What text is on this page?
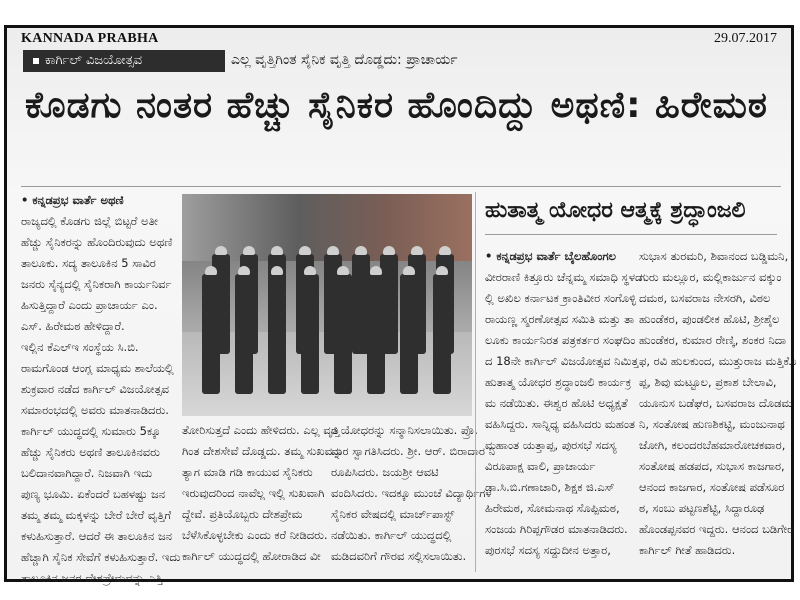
ಕಾರ್ಗಿಲ್ ವಿಜಯೋತ್ಸವ	ಎಲ್ಲ ವೃತ್ತಿಗಿಂತ ಸೈನಿಕ ವೃತ್ತಿ ದೊಡ್ಡದು: ಪ್ರಾಚಾರ್ಯ
ಕೊಡಗು ನಂತರ ಹೆಚ್ಚು ಸೈನಿಕರ ಹೊಂದಿದ್ದು ಅಥಣಿ: ಹಿರೇಮಠ
• ಕನ್ನಡಪ್ರಭ ವಾರ್ತೆ ಅಥಣಿ
ರಾಜ್ಯದಲ್ಲಿ ಕೊಡಗು ಜಿಲ್ಲೆ ಬಿಟ್ಟರೆ ಅತೀ
ಹೆಚ್ಚು ಸೈನಿಕರನ್ನು ಹೊಂದಿರುವುದು ಅಥಣಿ
ತಾಲೂಕು. ಸದ್ಯ ತಾಲೂಕಿನ 5 ಸಾವಿರ
ಜನರು ಸೈನ್ಯದಲ್ಲಿ ಸೈನಿಕರಾಗಿ ಕಾರ್ಯನಿರ್ವ
ಹಿಸುತ್ತಿದ್ದಾರೆ ಎಂದು ಪ್ರಾಚಾರ್ಯ ಎಂ.
ಎಸ್. ಹಿರೇಮಠ ಹೇಳಿದ್ದಾರೆ.
ಇಲ್ಲಿನ ಕೆಎಲ್‌ಇ ಸಂಸ್ಥೆಯ ಸಿ.ಬಿ.
ರಾಮಗೊಂಡ ಆಂಗ್ಲ ಮಾಧ್ಯಮ ಶಾಲೆಯಲ್ಲಿ
ಶುಕ್ರವಾರ ನಡೆದ ಕಾರ್ಗಿಲ್ ವಿಜಯೋತ್ಸವ
ಸಮಾರಂಭದಲ್ಲಿ ಅವರು ಮಾತನಾಡಿದರು.
ಕಾರ್ಗಿಲ್ ಯುದ್ಧದಲ್ಲಿ ಸುಮಾರು 5ಕ್ಕೂ
ಹೆಚ್ಚು ಸೈನಿಕರು ಅಥಣಿ ತಾಲೂಕಿನವರು
ಬಲಿದಾನವಾಗಿದ್ದಾರೆ. ನಿಜವಾಗಿ ಇದು
ಪುಣ್ಯ ಭೂಮಿ. ಏಕೆಂದರೆ ಬಹಳಷ್ಟು ಜನ
ತಮ್ಮ ತಮ್ಮ ಮಕ್ಕಳನ್ನು ಬೇರೆ ಬೇರೆ ವೃತ್ತಿಗೆ
ಕಳುಹಿಸುತ್ತಾರೆ. ಆದರೆ ಈ ತಾಲೂಕಿನ ಜನ
ಹೆಚ್ಚಾಗಿ ಸೈನಿಕ ಸೇವೆಗೆ ಕಳುಹಿಸುತ್ತಾರೆ. ಇದು
ತಾಲೂಕಿನ ಜನರ ದೇಶಪ್ರೇಮವನ್ನು ಎತ್ತಿ
ತೋರಿಸುತ್ತದೆ ಎಂದು ಹೇಳಿದರು. ಎಲ್ಲ ವೃತ್ತಿ
ಗಿಂತ ದೇಶಸೇವೆ ದೊಡ್ಡದು. ತಮ್ಮ ಸುಖವನ್ನು
ತ್ಯಾಗ ಮಾಡಿ ಗಡಿ ಕಾಯುವ ಸೈನಿಕರು
ಇರುವುದರಿಂದ ನಾವೆಲ್ಲ ಇಲ್ಲಿ ಸುಖವಾಗಿ
ದ್ದೇವೆ. ಪ್ರತಿಯೊಬ್ಬರು ದೇಶಪ್ರೇಮ
ಬೆಳೆಸಿಕೊಳ್ಳಬೇಕು ಎಂದು ಕರೆ ನೀಡಿದರು.
ಕಾರ್ಗಿಲ್ ಯುದ್ಧದಲ್ಲಿ ಹೋರಾಡಿದ ವೀ
ರ ಯೋಧರನ್ನು ಸನ್ಮಾನಿಸಲಾಯಿತು. ಪ್ರೊ.
ದಾರ ಸ್ವಾಗತಿಸಿದರು. ಶ್ರೀ. ಆರ್. ಬಿರಾದಾರ ನಿ
ರೂಪಿಸಿದರು. ಜಯಶ್ರೀ ಆವಟಿ
ವಂದಿಸಿದರು. ಇದಕ್ಕೂ ಮುಂಚೆ ವಿದ್ಯಾರ್ಥಿಗಳ
ಸೈನಿಕರ ವೇಷದಲ್ಲಿ ಮಾರ್ಚ್‌ಪಾಸ್ಟ್
ನಡೆಯಿತು. ಕಾರ್ಗಿಲ್ ಯುದ್ಧದಲ್ಲಿ
ಮಡಿದವರಿಗೆ ಗೌರವ ಸಲ್ಲಿಸಲಾಯಿತು.
ಹುತಾತ್ಮ ಯೋಧರ ಆತ್ಮಕ್ಕೆ ಶ್ರದ್ಧಾಂಜಲಿ
• ಕನ್ನಡಪ್ರಭ ವಾರ್ತೆ ಬೈಲಹೊಂಗಲ
ವೀರರಾಣಿ ಕಿತ್ತೂರು ಚೆನ್ನಮ್ಮ ಸಮಾಧಿ ಸ್ಥಳದ
ಲ್ಲಿ ಅಖಿಲ ಕರ್ನಾಟಕ ಕ್ರಾಂತಿವೀರ ಸಂಗೊಳ್ಳಿ
ರಾಯಣ್ಣ ಸ್ಮರಣೋತ್ಸವ ಸಮಿತಿ ಮತ್ತು ತಾ
ಲೂಕು ಕಾರ್ಯನಿರತ ಪತ್ರಕರ್ತರ ಸಂಘದಿಂ
ದ 18ನೇ ಕಾರ್ಗಿಲ್ ವಿಜಯೋತ್ಸವ ನಿಮಿತ್ತ
ಹುತಾತ್ಮ ಯೋಧರ ಶ್ರದ್ಧಾಂಜಲಿ ಕಾರ್ಯಕ್ರ
ಮ ನಡೆಯಿತು. ಈಶ್ವರ ಹೊಟಿ ಅಧ್ಯಕ್ಷತೆ
ವಹಿಸಿದ್ದರು. ಸಾನ್ನಿಧ್ಯ ವಹಿಸಿದರು ಮಹಂತ
ಮಹಾಂತ ಯತ್ತಾಪ್ಪ, ಪುರಸಭೆ ಸದಸ್ಯ
ವಿರೂಪಾಕ್ಷ ವಾಲಿ, ಪ್ರಾಚಾರ್ಯ
ಡಾ.ಸಿ.ಬಿ.ಗಣಾಚಾರಿ, ಶಿಕ್ಷಕ ಜಿ.ಎಸ್
ಹಿರೇಮಠ, ಸೋಮನಾಥ ಸೊಪ್ಪಿಮಠ,
ಸಂಜಯ ಗಿರಿಪ್ಪಗೌಡರ ಮಾತನಾಡಿದರು.
ಪುರಸಭೆ ಸದಸ್ಯ ಸದ್ದುದೀನ ಅತ್ತಾರ,
ಸುಭಾಸ ತುರಮರಿ, ಶಿವಾನಂದ ಬಡ್ಡಿಮನಿ,
ಗುರು ಮಲ್ಲೂರ, ಮಲ್ಲಿಕಾರ್ಜುನ ವಕ್ಕುಂ
ದಮಠ, ಬಸವರಾಜ ನೇಸರಗಿ, ವಿಠಲ
ಹುಂಡೆಕರ, ಪುಂಡಲೀಕ ಹೊಟಿ, ಶ್ರೀಶೈಲ
ಹುಂಡೆಕರ, ಕುಮಾರ ರೇಣ್ಕಿ, ಶಂಕರ ನಿದಾ
ಫ, ರವಿ ಹುಲಕುಂದ, ಮುತ್ತುರಾಜ ಮತ್ತಿಕೊ
ಪ್ಪ, ಶಿವು ಮಟ್ಟೂಲ, ಪ್ರಕಾಶ ಬೇಲಾವಿ,
ಯೂನುಸ ಬಡೆಘರ, ಬಸವರಾಜ ದೊಡಮ
ನಿ, ಸಂತೋಷ ಹುಣಶಿಕಟ್ಟಿ, ಮಂಜುನಾಥ
ಜೋಗಿ, ಕಲಂದರಬೆಹಮಾರೋಚಕವಾರ,
ಸಂತೋಷ ಹಡಪದ, ಸುಭಾಸ ಕಾಜಗಾರ,
ಆನಂದ ಕಾಜಗಾರ, ಸಂತೋಷ ಪಡೆಸೂರ
ಠ, ಸಂಬು ಪಟ್ಟಣಶೆಟ್ಟಿ, ಸಿದ್ದಾರೂಢ
ಹೊಂಡಪ್ಪನವರ ಇದ್ದರು. ಆನಂದ ಬಡಿಗೇರ
ಕಾರ್ಗಿಲ್ ಗೀತೆ ಹಾಡಿದರು.
KANNADA PRABHA	29.07.2017
